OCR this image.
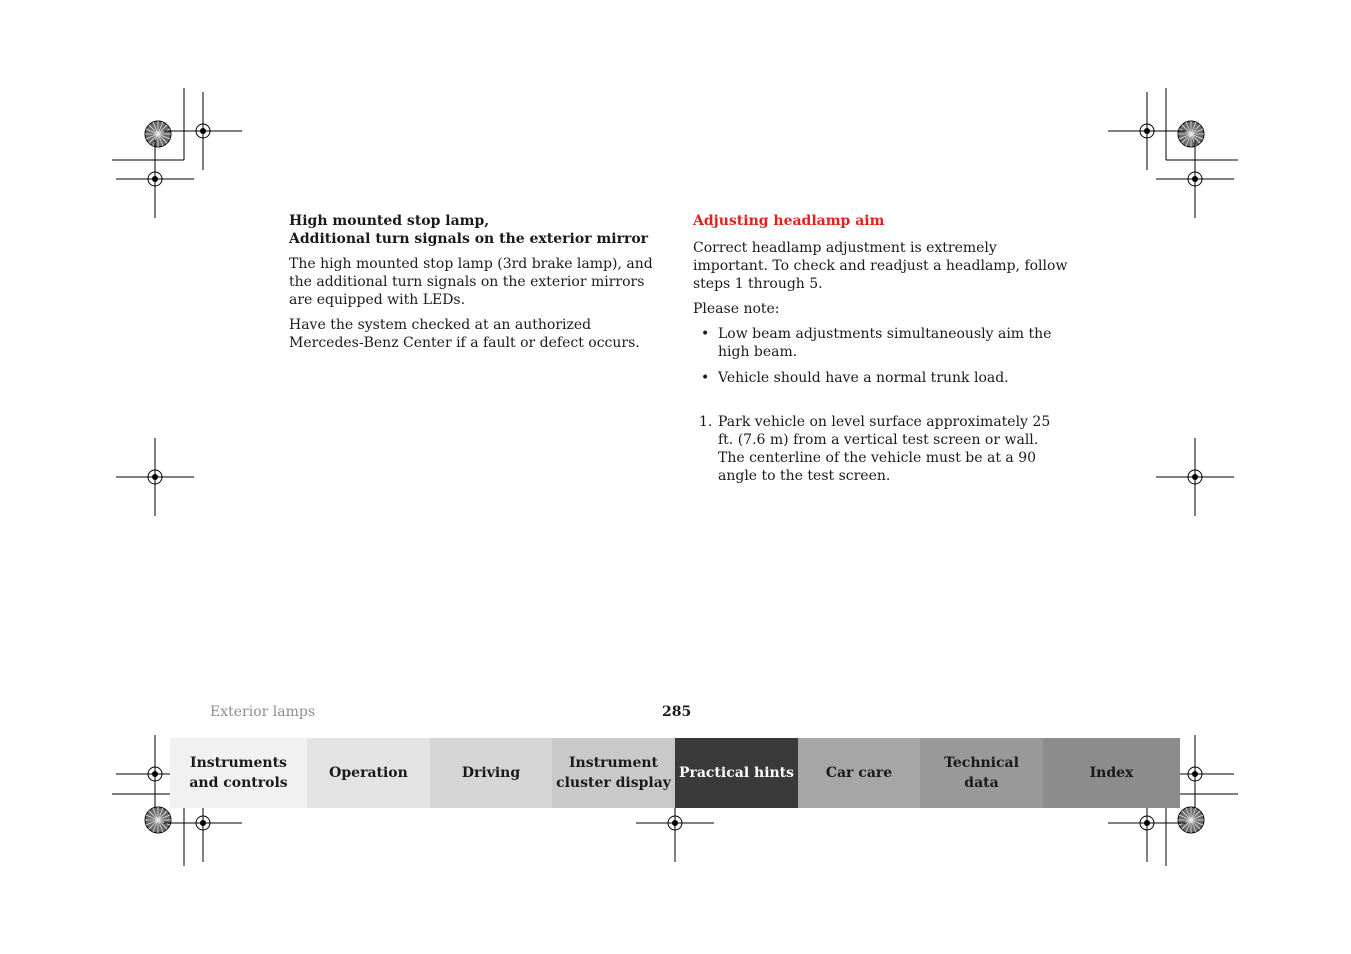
High mounted stop lamp,
Additional turn signals on the exterior mirror

The high mounted stop lamp (3rd brake lamp), and the additional turn signals on the exterior mirrors are equipped with LEDs.

Have the system checked at an authorized Mercedes-Benz Center if a fault or defect occurs.

Adjusting headlamp aim

Correct headlamp adjustment is extremely important. To check and readjust a headlamp, follow steps 1 through 5.

Please note:

• Low beam adjustments simultaneously aim the high beam.
• Vehicle should have a normal trunk load.
1. Park vehicle on level surface approximately 25 ft. (7.6 m) from a vertical test screen or wall. The centerline of the vehicle must be at a 90 angle to the test screen.
Exterior lamps	285
Instruments
and controls
Operation	Driving
Instrument
cluster display
Practical hints Car care
Technical
data
Index
